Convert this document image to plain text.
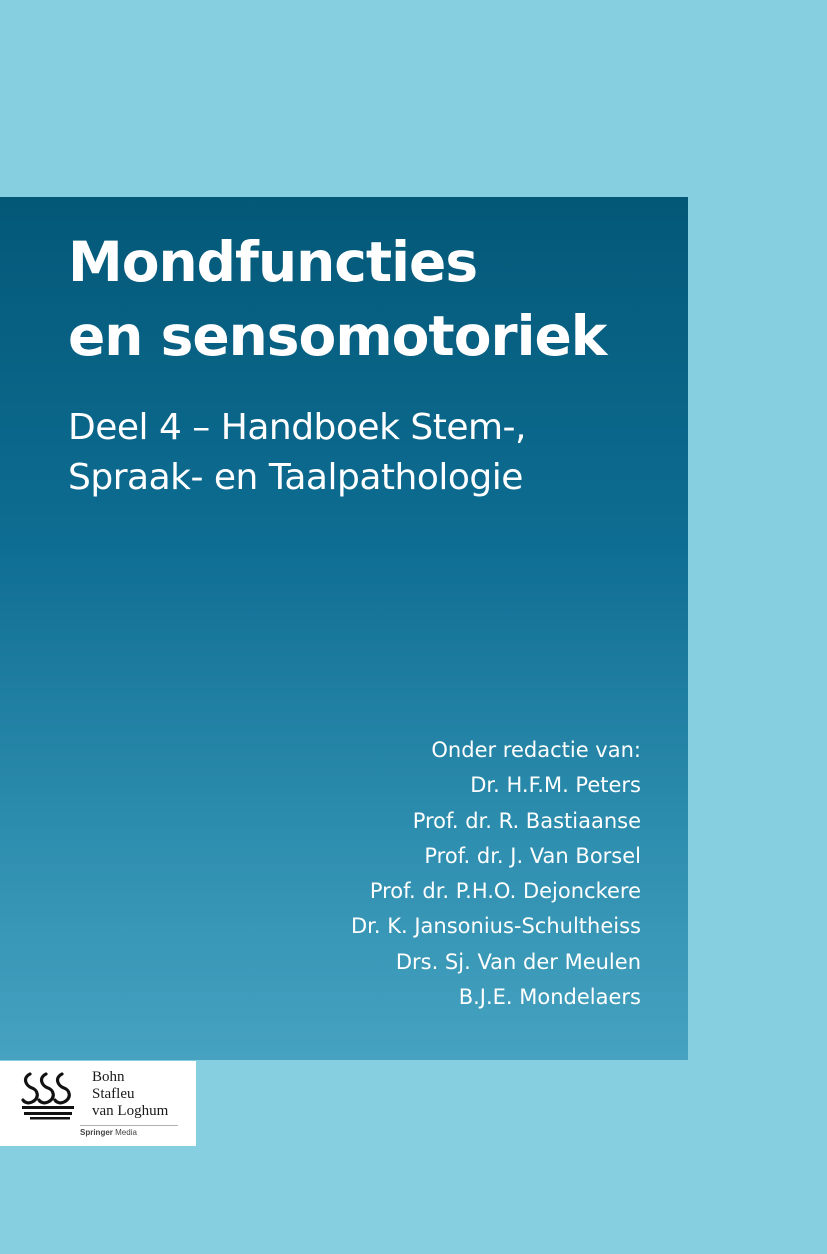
Mondfuncties
en sensomotoriek
Deel 4 – Handboek Stem-,
Spraak- en Taalpathologie
Onder redactie van:
Dr. H.F.M. Peters
Prof. dr. R. Bastiaanse
Prof. dr. J. Van Borsel
Prof. dr. P.H.O. Dejonckere
Dr. K. Jansonius-Schultheiss
Drs. Sj. Van der Meulen
B.J.E. Mondelaers
Bohn
Stafleu
van Loghum
Springer Media
